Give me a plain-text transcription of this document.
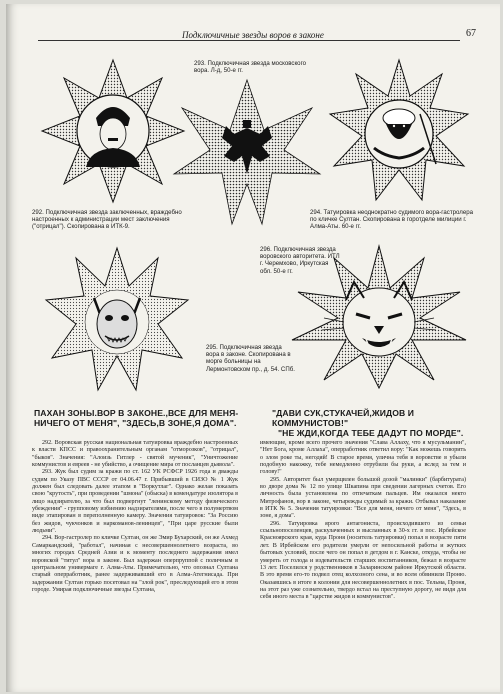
Подключичные звезды воров в законе	67
292. Подключичная звезда заключенных, враждебно настроенных к администрации мест заключения ("отрицал"). Скопирована в ИТК-9.
293. Подключичная звезда московского вора. Л-д, 50-е гг.
294. Татуировка неоднократно судимого вора-гастролера по кличке Султан. Скопирована в горотделе милиции г. Алма-Аты. 60-е гг.
295. Подключичная звезда вора в законе. Скопирована в морге больницы на Лермонтовском пр., д. 54. СПб.
296. Подключичная звезда воровского авторитета. ИТЛ г. Черемхово, Иркутская обл. 50-е гг.
ПАХАН ЗОНЫ.ВОР В ЗАКОНЕ.,ВСЕ ДЛЯ МЕНЯ-
НИЧЕГО ОТ МЕНЯ", "ЗДЕСЬ,В ЗОНЕ,Я ДОМА".
"ДАВИ СУК,СТУКАЧЕЙ,ЖИДОВ И КОММУНИСТОВ!"
"НЕ ЖДИ,КОГДА ТЕБЕ ДАДУТ ПО МОРДЕ".

292. Воровская русская национальная татуировка враждебно настроенных к власти КПСС и правоохранительным органам "отморозков", "отрицал", "быков". Значения: "Алоизь Гитлер - святой мученик", "Уничтожение коммунистов и евреев - не убийство, а очищение мира от посланцев дьявола".

293. Жук был судим за кражи по ст. 162 УК РСФСР 1926 года и дважды судим по Указу ПВС СССР от 04.06.47 г. Прибывший в СИЗО № 1 Жук должен был следовать далее этапом в "Воркутлаг". Однако желая показать свою "крутость", при проведении "шмона" (обыска) в комендатуре изолятора в лицо надзирателю, за что был подвергнут "ленинскому методу физического убеждения" - групповому избиению надзирателями, после чего в полумертвом виде этапирован в переполненную камеру. Значения татуировок: "За Россию без жидов, чукчонков и наркоманов-ленинцев", "При царе русские были людьми".

294. Вор-гастролер по кличке Султан, он же Эмир Бухарский, он же Ахмед Самаркандский, "работал", начиная с несовершеннолетнего возраста, во многих городах Средней Азии и к моменту последнего задержания имел воровской "титул" вора в законе. Был задержан оперпруппой с поличным в центральном универмаге г. Алма-Аты. Примечательно, что опознал Султана старый оперработник, ранее задерживавший его в Алма-Атегнисада. При задержании Султан горько посетовал на "злой рок", преследующий его в этом городе. Умирая подключичные звезды Султана,

имеющие, кроме всего прочего значения "Слава Аллаху, что я мусульманин", "Нет Бога, кроме Аллаха", оперработник ответил вору: "Как можешь говорить о злом роке ты, негодяй! В старое время, улична тебя в воровстве в убыли подобную накожку, тебе немедленно отрубили бы руки, а вслед за тем и голову!"

295. Авторитет был умерщвлен большой дозой "малинки" (барбитурата) во дворе дома № 12 по улице Шкапина при сведении лагерных счетов. Его личность была установлена по отпечаткам пальцев. Им оказался некто Митрофанов, вор в законе, четырежды судимый за кражи. Отбывал наказание в ИТК № 5. Значения татуировки: "Все для меня, ничего от меня", "Здесь, в зоне, я дома".

296. Татуировка ярого антагониста, происходившего из семьи ссыльнопоселенцев, раскулаченных и высланных в 30-х гг. в пос. Ирбейское Красноярского края, куда Проня (носитель татуировки) попал в возрасте пяти лет. В Ирбейском его родители умерли от непосильной работы и жутких бытовых условий, после чего он попал в детдом в г. Канске, откуда, чтобы не умереть от голода и издевательств старших воспитанников, бежал в возрасте 13 лет. Поселился у родственников в Заларинском районе Иркутской области. В это время его-то подвел отец колхозного сена, и во всем обвинили Проню. Оказавшись в итоге в колонии для несовершеннолетних в пос. Тельма, Проня, на этот раз уже сознательно, твердо встал на преступную дорогу, не видя для себя иного места в "царстве жидов и коммунистов".
